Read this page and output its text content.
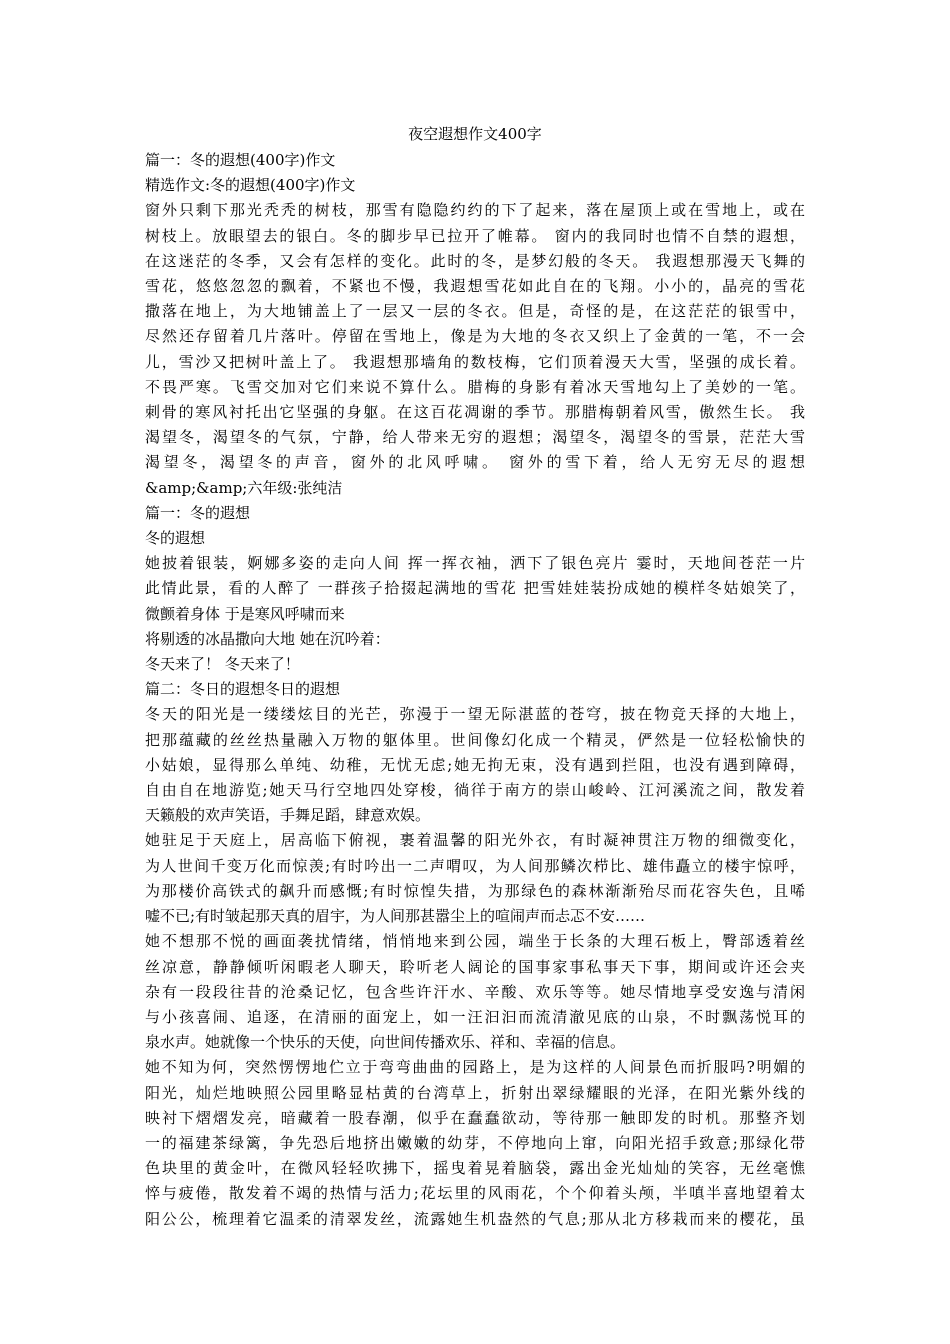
夜空遐想作文400字

篇一：冬的遐想(400字)作文

精选作文:冬的遐想(400字)作文

窗外只剩下那光秃秃的树枝，那雪有隐隐约约的下了起来，落在屋顶上或在雪地上，或在

树枝上。放眼望去的银白。冬的脚步早已拉开了帷幕。 窗内的我同时也情不自禁的遐想，

在这迷茫的冬季，又会有怎样的变化。此时的冬，是梦幻般的冬天。 我遐想那漫天飞舞的

雪花，悠悠忽忽的飘着，不紧也不慢，我遐想雪花如此自在的飞翔。小小的，晶亮的雪花

撒落在地上，为大地铺盖上了一层又一层的冬衣。但是，奇怪的是，在这茫茫的银雪中，

尽然还存留着几片落叶。停留在雪地上，像是为大地的冬衣又织上了金黄的一笔，不一会

儿，雪沙又把树叶盖上了。 我遐想那墙角的数枝梅，它们顶着漫天大雪，坚强的成长着。

不畏严寒。飞雪交加对它们来说不算什么。腊梅的身影有着冰天雪地勾上了美妙的一笔。

刺骨的寒风衬托出它坚强的身躯。在这百花凋谢的季节。那腊梅朝着风雪，傲然生长。 我

渴望冬，渴望冬的气氛，宁静，给人带来无穷的遐想；渴望冬，渴望冬的雪景，茫茫大雪

渴望冬，渴望冬的声音，窗外的北风呼啸。 窗外的雪下着，给人无穷无尽的遐想

&amp;&amp;六年级:张纯洁

篇一：冬的遐想

冬的遐想

她披着银装，婀娜多姿的走向人间 挥一挥衣袖，洒下了银色亮片 霎时，天地间苍茫一片

此情此景，看的人醉了 一群孩子拾掇起满地的雪花 把雪娃娃装扮成她的模样冬姑娘笑了，

微颤着身体 于是寒风呼啸而来

将剔透的冰晶撒向大地 她在沉吟着：

冬天来了！ 冬天来了！

篇二：冬日的遐想冬日的遐想

冬天的阳光是一缕缕炫目的光芒，弥漫于一望无际湛蓝的苍穹，披在物竞天择的大地上，

把那蕴藏的丝丝热量融入万物的躯体里。世间像幻化成一个精灵，俨然是一位轻松愉快的

小姑娘，显得那么单纯、幼稚，无忧无虑;她无拘无束，没有遇到拦阻，也没有遇到障碍，

自由自在地游览;她天马行空地四处穿梭，徜徉于南方的崇山峻岭、江河溪流之间，散发着

天籁般的欢声笑语，手舞足蹈，肆意欢娱。

她驻足于天庭上，居高临下俯视，裹着温馨的阳光外衣，有时凝神贯注万物的细微变化，

为人世间千变万化而惊羡;有时吟出一二声喟叹，为人间那鳞次栉比、雄伟矗立的楼宇惊呼，

为那楼价高铁式的飙升而感慨;有时惊惶失措，为那绿色的森林渐渐殆尽而花容失色，且唏

嘘不已;有时皱起那天真的眉宇，为人间那甚嚣尘上的喧闹声而忐忑不安……

她不想那不悦的画面袭扰情绪，悄悄地来到公园，端坐于长条的大理石板上，臀部透着丝

丝凉意，静静倾听闲暇老人聊天，聆听老人阔论的国事家事私事天下事，期间或许还会夹

杂有一段段往昔的沧桑记忆，包含些许汗水、辛酸、欢乐等等。她尽情地享受安逸与清闲

与小孩喜闹、追逐，在清丽的面宠上，如一汪汩汩而流清澈见底的山泉，不时飘荡悦耳的

泉水声。她就像一个快乐的天使，向世间传播欢乐、祥和、幸福的信息。

她不知为何，突然愣愣地伫立于弯弯曲曲的园路上，是为这样的人间景色而折服吗?明媚的

阳光，灿烂地映照公园里略显枯黄的台湾草上，折射出翠绿耀眼的光泽，在阳光紫外线的

映衬下熠熠发亮，暗藏着一股春潮，似乎在蠢蠢欲动，等待那一触即发的时机。那整齐划

一的福建茶绿篱，争先恐后地挤出嫩嫩的幼芽，不停地向上窜，向阳光招手致意;那绿化带

色块里的黄金叶，在微风轻轻吹拂下，摇曳着晃着脑袋，露出金光灿灿的笑容，无丝毫憔

悴与疲倦，散发着不竭的热情与活力;花坛里的风雨花，个个仰着头颅，半嗔半喜地望着太

阳公公，梳理着它温柔的清翠发丝，流露她生机盎然的气息;那从北方移栽而来的樱花，虽
